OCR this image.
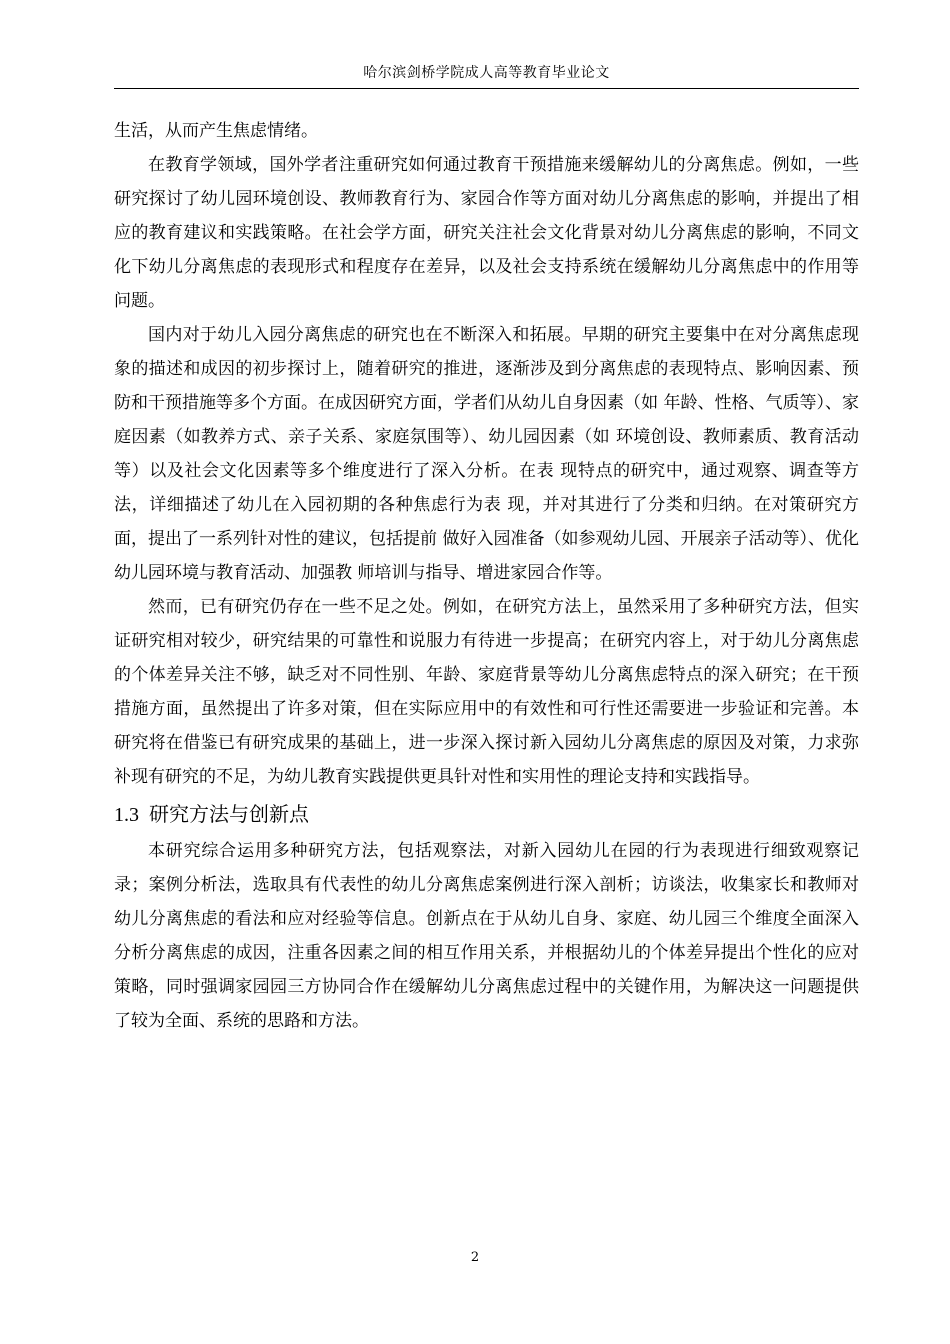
哈尔滨剑桥学院成人高等教育毕业论文

生活，从而产生焦虑情绪。

在教育学领域，国外学者注重研究如何通过教育干预措施来缓解幼儿的分离焦虑。例如，一些研究探讨了幼儿园环境创设、教师教育行为、家园合作等方面对幼儿分离焦虑的影响，并提出了相应的教育建议和实践策略。在社会学方面，研究关注社会文化背景对幼儿分离焦虑的影响，不同文化下幼儿分离焦虑的表现形式和程度存在差异，以及社会支持系统在缓解幼儿分离焦虑中的作用等问题。

国内对于幼儿入园分离焦虑的研究也在不断深入和拓展。早期的研究主要集中在对分离焦虑现象的描述和成因的初步探讨上，随着研究的推进，逐渐涉及到分离焦虑的表现特点、影响因素、预防和干预措施等多个方面。在成因研究方面，学者们从幼儿自身因素（如 年龄、性格、气质等）、家庭因素（如教养方式、亲子关系、家庭氛围等）、幼儿园因素（如 环境创设、教师素质、教育活动等）以及社会文化因素等多个维度进行了深入分析。在表 现特点的研究中，通过观察、调查等方法，详细描述了幼儿在入园初期的各种焦虑行为表 现，并对其进行了分类和归纳。在对策研究方面，提出了一系列针对性的建议，包括提前 做好入园准备（如参观幼儿园、开展亲子活动等）、优化幼儿园环境与教育活动、加强教 师培训与指导、增进家园合作等。

然而，已有研究仍存在一些不足之处。例如，在研究方法上，虽然采用了多种研究方法，但实证研究相对较少，研究结果的可靠性和说服力有待进一步提高；在研究内容上，对于幼儿分离焦虑的个体差异关注不够，缺乏对不同性别、年龄、家庭背景等幼儿分离焦虑特点的深入研究；在干预措施方面，虽然提出了许多对策，但在实际应用中的有效性和可行性还需要进一步验证和完善。本研究将在借鉴已有研究成果的基础上，进一步深入探讨新入园幼儿分离焦虑的原因及对策，力求弥补现有研究的不足，为幼儿教育实践提供更具针对性和实用性的理论支持和实践指导。

1.3 研究方法与创新点

本研究综合运用多种研究方法，包括观察法，对新入园幼儿在园的行为表现进行细致观察记录；案例分析法，选取具有代表性的幼儿分离焦虑案例进行深入剖析；访谈法，收集家长和教师对幼儿分离焦虑的看法和应对经验等信息。创新点在于从幼儿自身、家庭、幼儿园三个维度全面深入分析分离焦虑的成因，注重各因素之间的相互作用关系，并根据幼儿的个体差异提出个性化的应对策略，同时强调家园园三方协同合作在缓解幼儿分离焦虑过程中的关键作用，为解决这一问题提供了较为全面、系统的思路和方法。

2
